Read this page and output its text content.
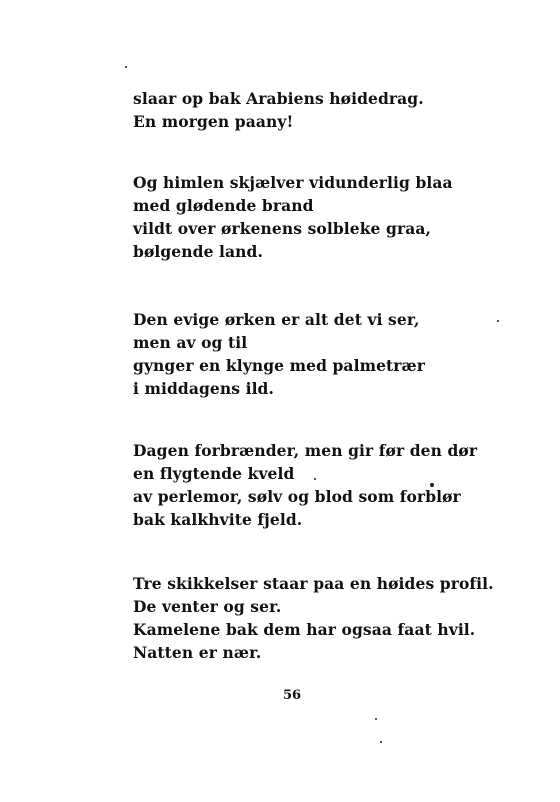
slaar op bak Arabiens høidedrag.
En morgen paany!
Og himlen skjælver vidunderlig blaa
med glødende brand
vildt over ørkenens solbleke graa,
bølgende land.
Den evige ørken er alt det vi ser,
men av og til
gynger en klynge med palmetrær
i middagens ild.
Dagen forbrænder, men gir før den dør
en flygtende kveld
av perlemor, sølv og blod som forblør
bak kalkhvite fjeld.
Tre skikkelser staar paa en høides profil.
De venter og ser.
Kamelene bak dem har ogsaa faat hvil.
Natten er nær.
56
